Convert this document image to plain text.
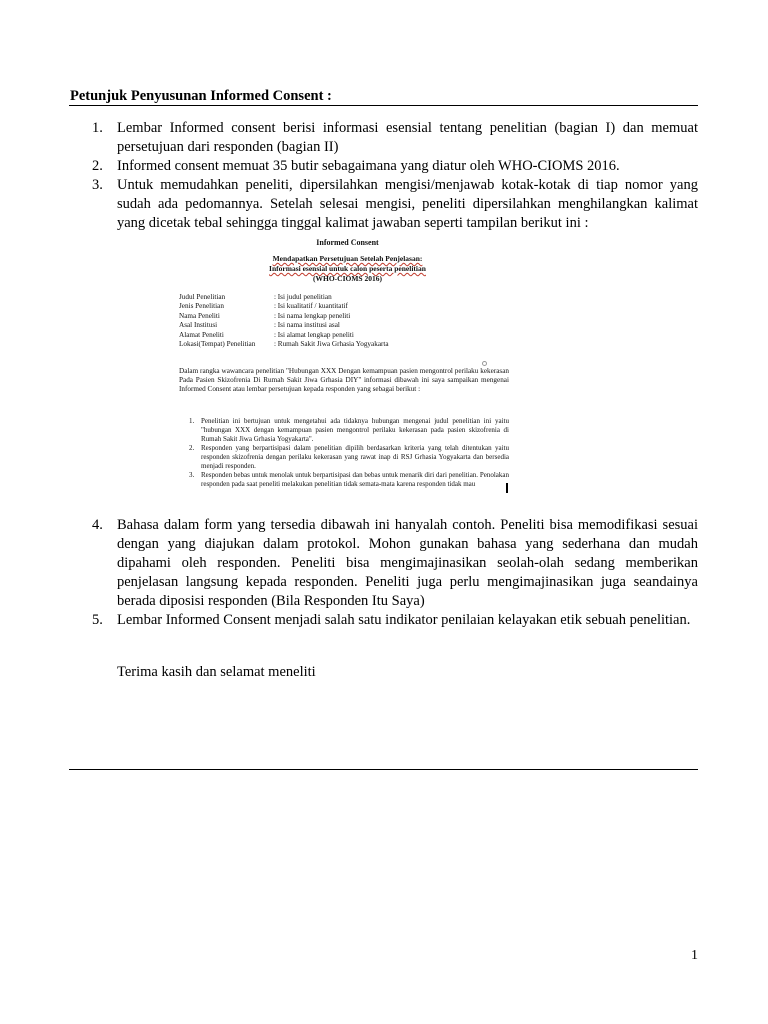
Petunjuk Penyusunan Informed Consent :
1. Lembar Informed consent berisi informasi esensial tentang penelitian (bagian I) dan memuat persetujuan dari responden (bagian II)
2. Informed consent memuat 35 butir sebagaimana yang diatur oleh WHO-CIOMS 2016.
3. Untuk memudahkan peneliti, dipersilahkan mengisi/menjawab kotak-kotak di tiap nomor yang sudah ada pedomannya. Setelah selesai mengisi, peneliti dipersilahkan menghilangkan kalimat yang dicetak tebal sehingga tinggal kalimat jawaban seperti tampilan berikut ini :
Informed Consent
Mendapatkan Persetujuan Setelah Penjelasan:
Informasi esensial untuk calon peserta penelitian
(WHO-CIOMS 2016)
Judul Penelitian	: Isi judul penelitian
Jenis Penelitian	: Isi kualitatif / kuantitatif
Nama Peneliti	: Isi nama lengkap peneliti
Asal Institusi	: Isi nama institusi asal
Alamat Peneliti	: Isi alamat lengkap peneliti
Lokasi(Tempat) Penelitian	: Rumah Sakit Jiwa Grhasia Yogyakarta
Dalam rangka wawancara penelitian "Hubungan XXX Dengan kemampuan pasien mengontrol perilaku kekerasan Pada Pasien Skizofrenia Di Rumah Sakit Jiwa Grhasia DIY" informasi dibawah ini saya sampaikan mengenai Informed Consent atau lembar persetujuan kepada responden yang sebagai berikut :
1. Penelitian ini bertujuan untuk mengetahui ada tidaknya hubungan mengenai judul penelitian ini yaitu "hubungan XXX dengan kemampuan pasien mengontrol perilaku kekerasan pada pasien skizofrenia di Rumah Sakit Jiwa Grhasia Yogyakarta".
2. Responden yang berpartisipasi dalam penelitian dipilih berdasarkan kriteria yang telah ditentukan yaitu responden skizofrenia dengan perilaku kekerasan yang rawat inap di RSJ Grhasia Yogyakarta dan bersedia menjadi responden.
3. Responden bebas untuk menolak untuk berpartisipasi dan bebas untuk menarik diri dari penelitian. Penolakan responden pada saat peneliti melakukan penelitian tidak semata-mata karena responden tidak mau
4. Bahasa dalam form yang tersedia dibawah ini hanyalah contoh. Peneliti bisa memodifikasi sesuai dengan yang diajukan dalam protokol. Mohon gunakan bahasa yang sederhana dan mudah dipahami oleh responden. Peneliti bisa mengimajinasikan seolah-olah sedang memberikan penjelasan langsung kepada responden. Peneliti juga perlu mengimajinasikan juga seandainya berada diposisi responden (Bila Responden Itu Saya)
5. Lembar Informed Consent menjadi salah satu indikator penilaian kelayakan etik sebuah penelitian.
Terima kasih dan selamat meneliti
1
